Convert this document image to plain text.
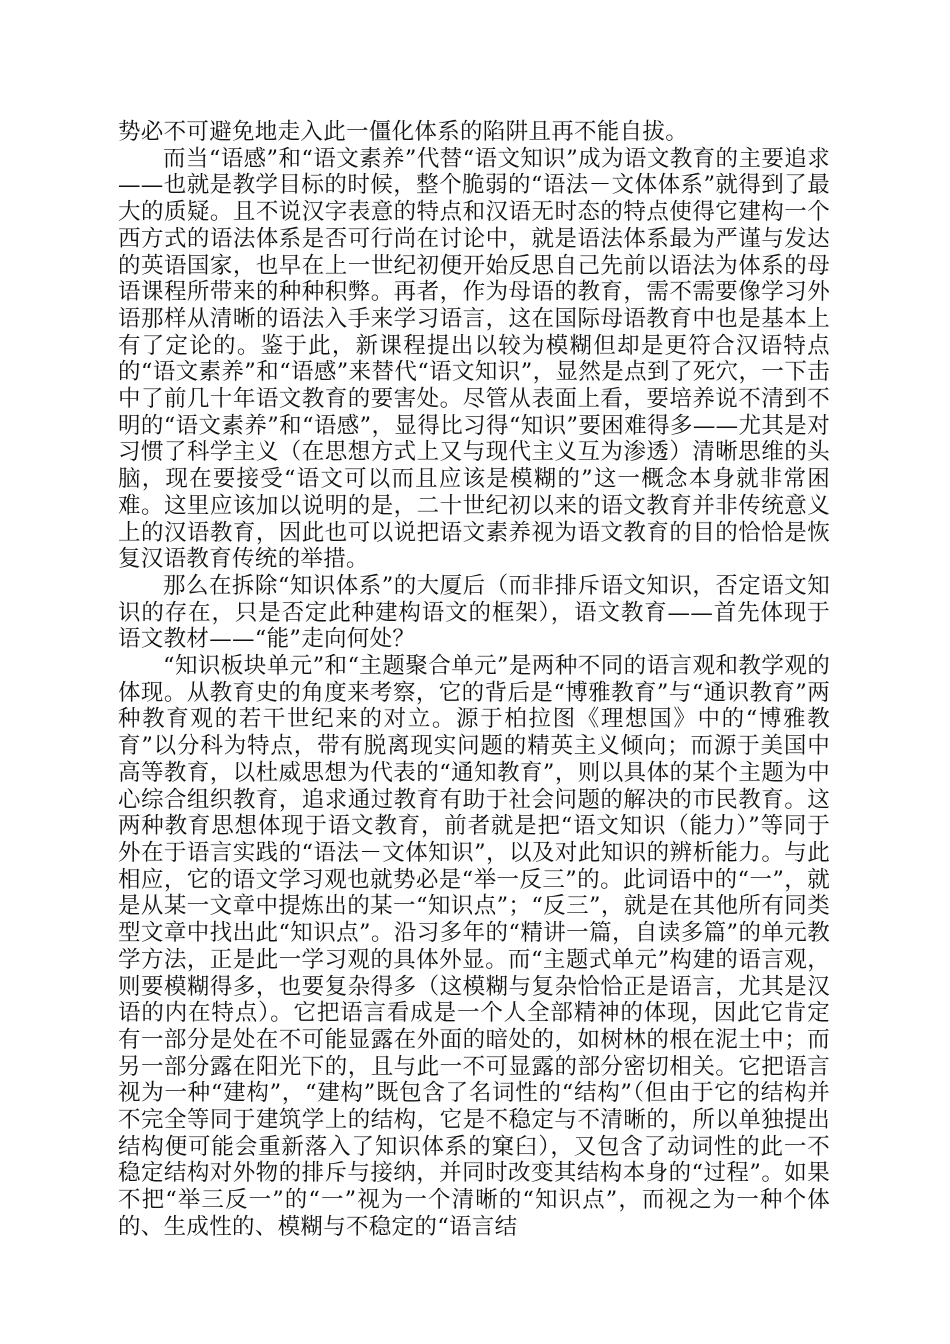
势必不可避免地走入此一僵化体系的陷阱且再不能自拔。

而当“语感”和“语文素养”代替“语文知识”成为语文教育的主要追求——也就是教学目标的时候，整个脆弱的“语法－文体体系”就得到了最大的质疑。且不说汉字表意的特点和汉语无时态的特点使得它建构一个西方式的语法体系是否可行尚在讨论中，就是语法体系最为严谨与发达的英语国家，也早在上一世纪初便开始反思自己先前以语法为体系的母语课程所带来的种种积弊。再者，作为母语的教育，需不需要像学习外语那样从清晰的语法入手来学习语言，这在国际母语教育中也是基本上有了定论的。鉴于此，新课程提出以较为模糊但却是更符合汉语特点的“语文素养”和“语感”来替代“语文知识”，显然是点到了死穴，一下击中了前几十年语文教育的要害处。尽管从表面上看，要培养说不清到不明的“语文素养”和“语感”，显得比习得“知识”要困难得多——尤其是对习惯了科学主义（在思想方式上又与现代主义互为渗透）清晰思维的头脑，现在要接受“语文可以而且应该是模糊的”这一概念本身就非常困难。这里应该加以说明的是，二十世纪初以来的语文教育并非传统意义上的汉语教育，因此也可以说把语文素养视为语文教育的目的恰恰是恢复汉语教育传统的举措。

那么在拆除“知识体系”的大厦后（而非排斥语文知识，否定语文知识的存在，只是否定此种建构语文的框架），语文教育——首先体现于语文教材——“能”走向何处？

“知识板块单元”和“主题聚合单元”是两种不同的语言观和教学观的体现。从教育史的角度来考察，它的背后是“博雅教育”与“通识教育”两种教育观的若干世纪来的对立。源于柏拉图《理想国》中的“博雅教育”以分科为特点，带有脱离现实问题的精英主义倾向；而源于美国中高等教育，以杜威思想为代表的“通知教育”，则以具体的某个主题为中心综合组织教育，追求通过教育有助于社会问题的解决的市民教育。这两种教育思想体现于语文教育，前者就是把“语文知识（能力）”等同于外在于语言实践的“语法－文体知识”，以及对此知识的辨析能力。与此相应，它的语文学习观也就势必是“举一反三”的。此词语中的“一”，就是从某一文章中提炼出的某一“知识点”；“反三”，就是在其他所有同类型文章中找出此“知识点”。沿习多年的“精讲一篇，自读多篇”的单元教学方法，正是此一学习观的具体外显。而“主题式单元”构建的语言观，则要模糊得多，也要复杂得多（这模糊与复杂恰恰正是语言，尤其是汉语的内在特点）。它把语言看成是一个人全部精神的体现，因此它肯定有一部分是处在不可能显露在外面的暗处的，如树林的根在泥土中；而另一部分露在阳光下的，且与此一不可显露的部分密切相关。它把语言视为一种“建构”，“建构”既包含了名词性的“结构”（但由于它的结构并不完全等同于建筑学上的结构，它是不稳定与不清晰的，所以单独提出结构便可能会重新落入了知识体系的窠臼），又包含了动词性的此一不稳定结构对外物的排斥与接纳，并同时改变其结构本身的“过程”。如果不把“举三反一”的“一”视为一个清晰的“知识点”，而视之为一种个体的、生成性的、模糊与不稳定的“语言结
